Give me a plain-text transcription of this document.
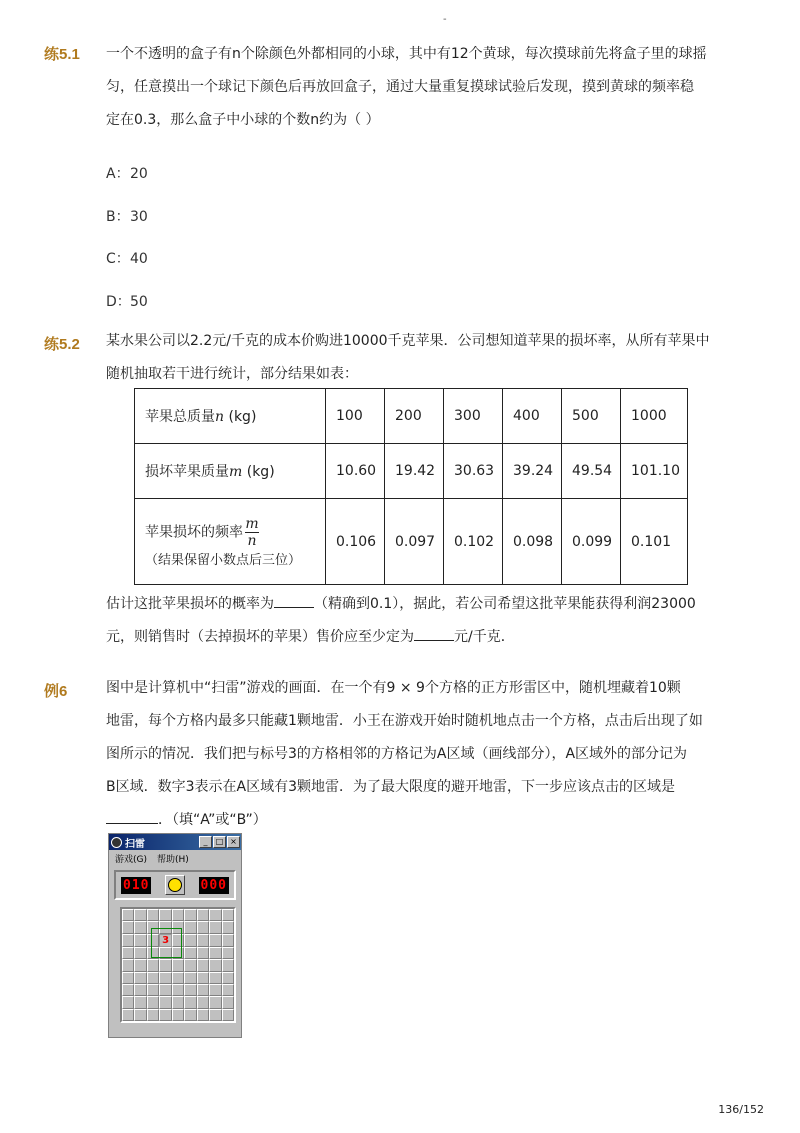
-
练5.1 一个不透明的盒子有n个除颜色外都相同的小球，其中有12个黄球，每次摸球前先将盒子里的球摇
匀，任意摸出一个球记下颜色后再放回盒子，通过大量重复摸球试验后发现，摸到黄球的频率稳
定在0.3，那么盒子中小球的个数n约为（ ）
A：20
B：30
C：40
D：50
练5.2 某水果公司以2.2元/千克的成本价购进10000千克苹果．公司想知道苹果的损坏率，从所有苹果中
随机抽取若干进行统计，部分结果如表：
苹果总质量n (kg)	100	200	300	400	500	1000
损坏苹果质量m (kg)	10.60	19.42	30.63	39.24	49.54	101.10

苹果损坏的频率 $\frac{m}{n}$
（结果保留小数点后三位）	0.106	0.097	0.102	0.098	0.099	0.101
估计这批苹果损坏的概率为	（精确到0.1），据此，若公司希望这批苹果能获得利润23000
元，则销售时（去掉损坏的苹果）售价应至少定为	元/千克．
例6	图中是计算机中“扫雷”游戏的画面．在一个有9 × 9个方格的正方形雷区中，随机埋藏着10颗
地雷，每个方格内最多只能藏1颗地雷．小王在游戏开始时随机地点击一个方格，点击后出现了如
图所示的情况．我们把与标号3的方格相邻的方格记为A区域（画线部分），A区域外的部分记为
B区域．数字3表示在A区域有3颗地雷．为了最大限度的避开地雷，下一步应该点击的区域是
．（填“A”或“B”）
扫雷	_	□ ×
游戏(G) 帮助(H)
010	000
3
136/152
